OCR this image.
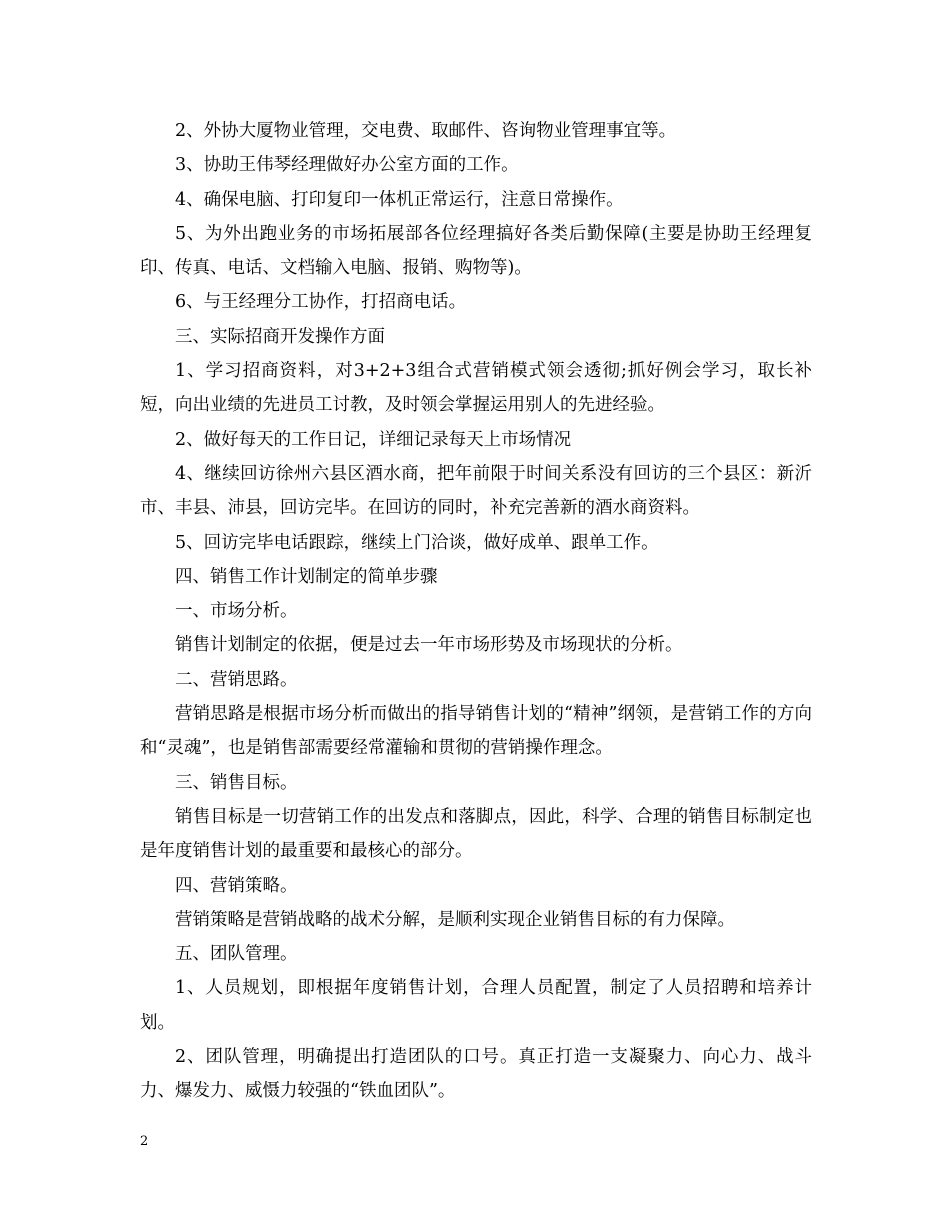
2、外协大厦物业管理，交电费、取邮件、咨询物业管理事宜等。

3、协助王伟琴经理做好办公室方面的工作。

4、确保电脑、打印复印一体机正常运行，注意日常操作。

5、为外出跑业务的市场拓展部各位经理搞好各类后勤保障(主要是协助王经理复印、传真、电话、文档输入电脑、报销、购物等)。

6、与王经理分工协作，打招商电话。

三、实际招商开发操作方面

1、学习招商资料，对3+2+3组合式营销模式领会透彻;抓好例会学习，取长补短，向出业绩的先进员工讨教，及时领会掌握运用别人的先进经验。

2、做好每天的工作日记，详细记录每天上市场情况

4、继续回访徐州六县区酒水商，把年前限于时间关系没有回访的三个县区：新沂市、丰县、沛县，回访完毕。在回访的同时，补充完善新的酒水商资料。

5、回访完毕电话跟踪，继续上门洽谈，做好成单、跟单工作。

四、销售工作计划制定的简单步骤

一、市场分析。

销售计划制定的依据，便是过去一年市场形势及市场现状的分析。

二、营销思路。

营销思路是根据市场分析而做出的指导销售计划的“精神”纲领，是营销工作的方向和“灵魂”，也是销售部需要经常灌输和贯彻的营销操作理念。

三、销售目标。

销售目标是一切营销工作的出发点和落脚点，因此，科学、合理的销售目标制定也是年度销售计划的最重要和最核心的部分。

四、营销策略。

营销策略是营销战略的战术分解，是顺利实现企业销售目标的有力保障。

五、团队管理。

1、人员规划，即根据年度销售计划，合理人员配置，制定了人员招聘和培养计划。

2、团队管理，明确提出打造团队的口号。真正打造一支凝聚力、向心力、战斗力、爆发力、威慑力较强的“铁血团队”。

2
